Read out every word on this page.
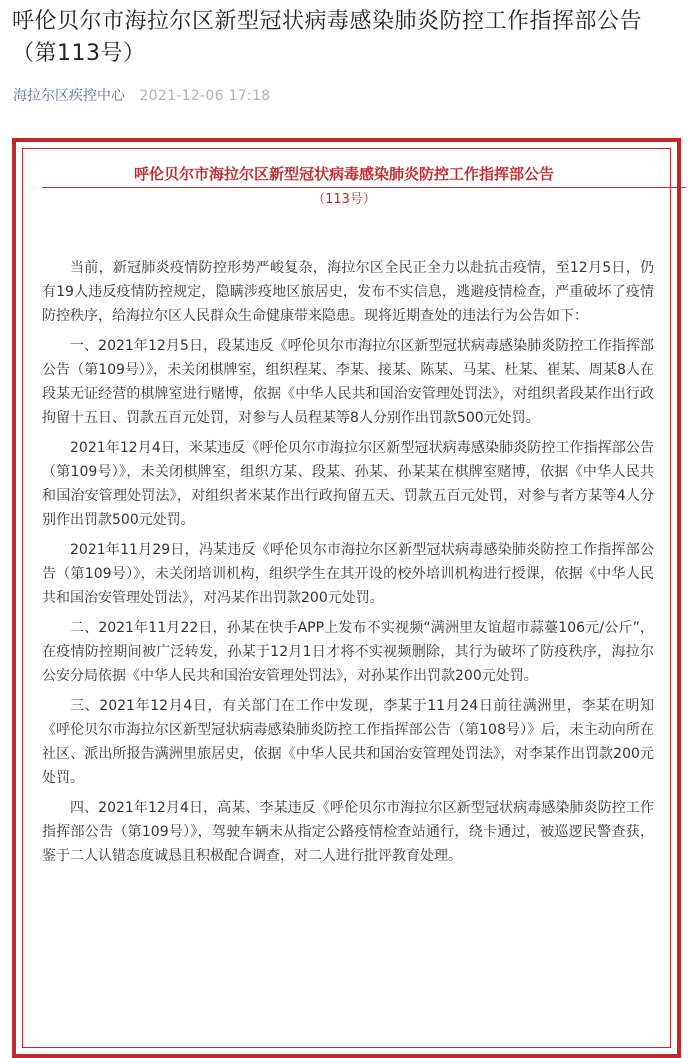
呼伦贝尔市海拉尔区新型冠状病毒感染肺炎防控工作指挥部公告（第113号）
海拉尔区疾控中心 2021-12-06 17:18
呼伦贝尔市海拉尔区新型冠状病毒感染肺炎防控工作指挥部公告
（113号）

当前，新冠肺炎疫情防控形势严峻复杂，海拉尔区全民正全力以赴抗击疫情，至12月5日，仍有19人违反疫情防控规定，隐瞒涉疫地区旅居史，发布不实信息，逃避疫情检查，严重破坏了疫情防控秩序，给海拉尔区人民群众生命健康带来隐患。现将近期查处的违法行为公告如下：

一、2021年12月5日，段某违反《呼伦贝尔市海拉尔区新型冠状病毒感染肺炎防控工作指挥部公告（第109号）》，未关闭棋牌室，组织程某、李某、接某、陈某、马某、杜某、崔某、周某8人在段某无证经营的棋牌室进行赌博，依据《中华人民共和国治安管理处罚法》，对组织者段某作出行政拘留十五日、罚款五百元处罚，对参与人员程某等8人分别作出罚款500元处罚。

2021年12月4日，米某违反《呼伦贝尔市海拉尔区新型冠状病毒感染肺炎防控工作指挥部公告（第109号）》，未关闭棋牌室，组织方某、段某、孙某、孙某某在棋牌室赌博，依据《中华人民共和国治安管理处罚法》，对组织者米某作出行政拘留五天、罚款五百元处罚，对参与者方某等4人分别作出罚款500元处罚。

2021年11月29日，冯某违反《呼伦贝尔市海拉尔区新型冠状病毒感染肺炎防控工作指挥部公告（第109号）》，未关闭培训机构，组织学生在其开设的校外培训机构进行授课，依据《中华人民共和国治安管理处罚法》，对冯某作出罚款200元处罚。

二、2021年11月22日，孙某在快手APP上发布不实视频“满洲里友谊超市蒜薹106元/公斤”，在疫情防控期间被广泛转发，孙某于12月1日才将不实视频删除，其行为破坏了防疫秩序，海拉尔公安分局依据《中华人民共和国治安管理处罚法》，对孙某作出罚款200元处罚。

三、2021年12月4日，有关部门在工作中发现，李某于11月24日前往满洲里，李某在明知《呼伦贝尔市海拉尔区新型冠状病毒感染肺炎防控工作指挥部公告（第108号）》后，未主动向所在社区、派出所报告满洲里旅居史，依据《中华人民共和国治安管理处罚法》，对李某作出罚款200元处罚。

四、2021年12月4日，高某、李某违反《呼伦贝尔市海拉尔区新型冠状病毒感染肺炎防控工作指挥部公告（第109号）》，驾驶车辆未从指定公路疫情检查站通行，绕卡通过，被巡逻民警查获，鉴于二人认错态度诚恳且积极配合调查，对二人进行批评教育处理。
